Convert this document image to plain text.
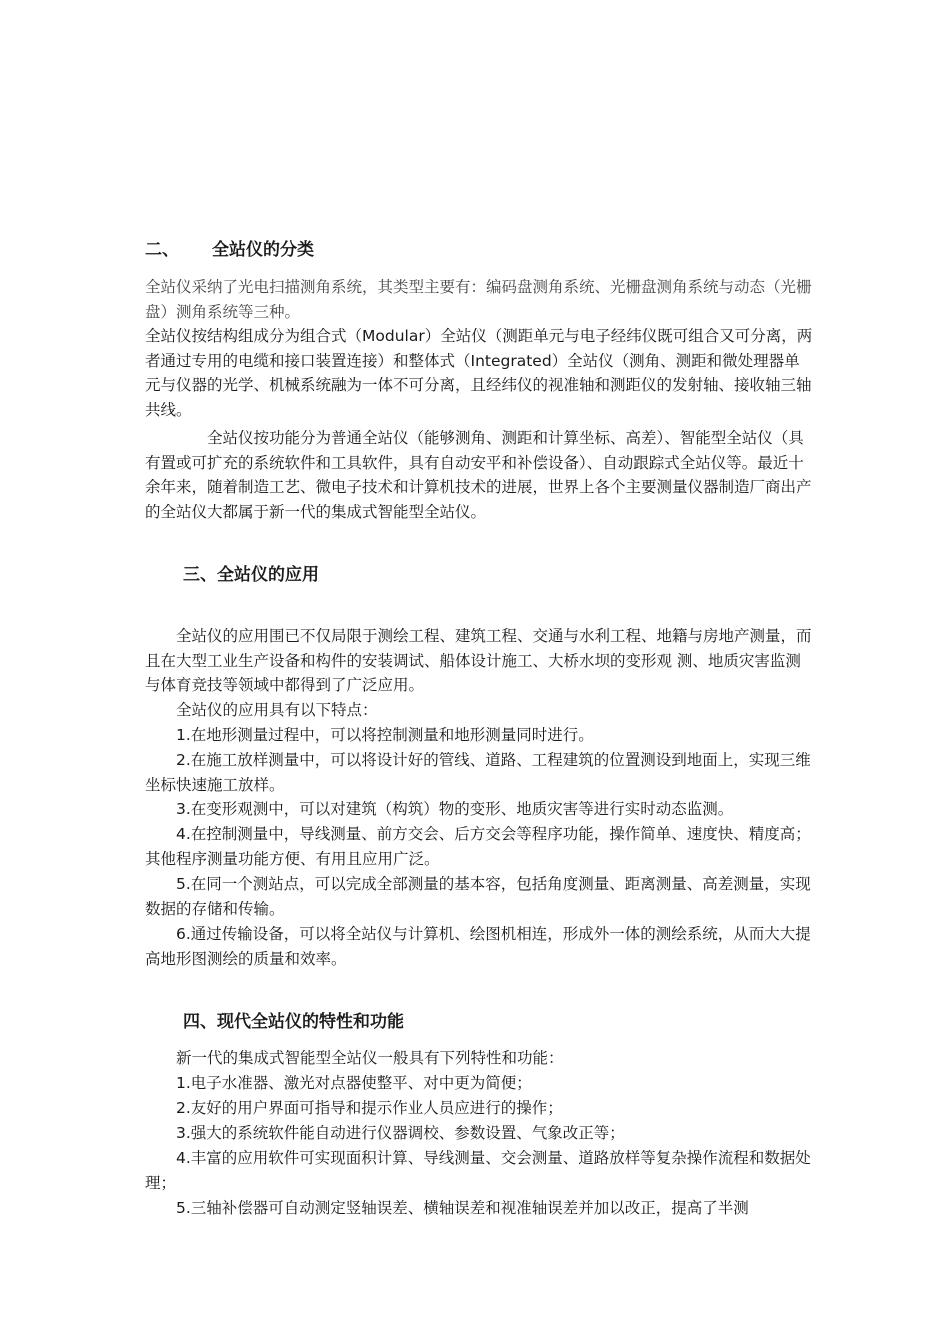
二、 全站仪的分类

全站仪采纳了光电扫描测角系统，其类型主要有：编码盘测角系统、光栅盘测角系统与动态（光栅盘）测角系统等三种。

全站仪按结构组成分为组合式（Modular）全站仪（测距单元与电子经纬仪既可组合又可分离，两者通过专用的电缆和接口装置连接）和整体式（Integrated）全站仪（测角、测距和微处理器单元与仪器的光学、机械系统融为一体不可分离，且经纬仪的视准轴和测距仪的发射轴、接收轴三轴共线。

全站仪按功能分为普通全站仪（能够测角、测距和计算坐标、高差）、智能型全站仪（具有置或可扩充的系统软件和工具软件，具有自动安平和补偿设备）、自动跟踪式全站仪等。最近十余年来，随着制造工艺、微电子技术和计算机技术的进展，世界上各个主要测量仪器制造厂商出产的全站仪大都属于新一代的集成式智能型全站仪。

三、全站仪的应用

全站仪的应用围已不仅局限于测绘工程、建筑工程、交通与水利工程、地籍与房地产测量，而且在大型工业生产设备和构件的安装调试、船体设计施工、大桥水坝的变形观 测、地质灾害监测与体育竞技等领域中都得到了广泛应用。

全站仪的应用具有以下特点：

1.在地形测量过程中，可以将控制测量和地形测量同时进行。

2.在施工放样测量中，可以将设计好的管线、道路、工程建筑的位置测设到地面上，实现三维坐标快速施工放样。

3.在变形观测中，可以对建筑（构筑）物的变形、地质灾害等进行实时动态监测。

4.在控制测量中，导线测量、前方交会、后方交会等程序功能，操作简单、速度快、精度高；其他程序测量功能方便、有用且应用广泛。

5.在同一个测站点，可以完成全部测量的基本容，包括角度测量、距离测量、高差测量，实现数据的存储和传输。

6.通过传输设备，可以将全站仪与计算机、绘图机相连，形成外一体的测绘系统，从而大大提高地形图测绘的质量和效率。

四、现代全站仪的特性和功能

新一代的集成式智能型全站仪一般具有下列特性和功能：

1.电子水准器、激光对点器使整平、对中更为简便；

2.友好的用户界面可指导和提示作业人员应进行的操作；

3.强大的系统软件能自动进行仪器调校、参数设置、气象改正等；

4.丰富的应用软件可实现面积计算、导线测量、交会测量、道路放样等复杂操作流程和数据处理；

5.三轴补偿器可自动测定竖轴误差、横轴误差和视准轴误差并加以改正，提高了半测
